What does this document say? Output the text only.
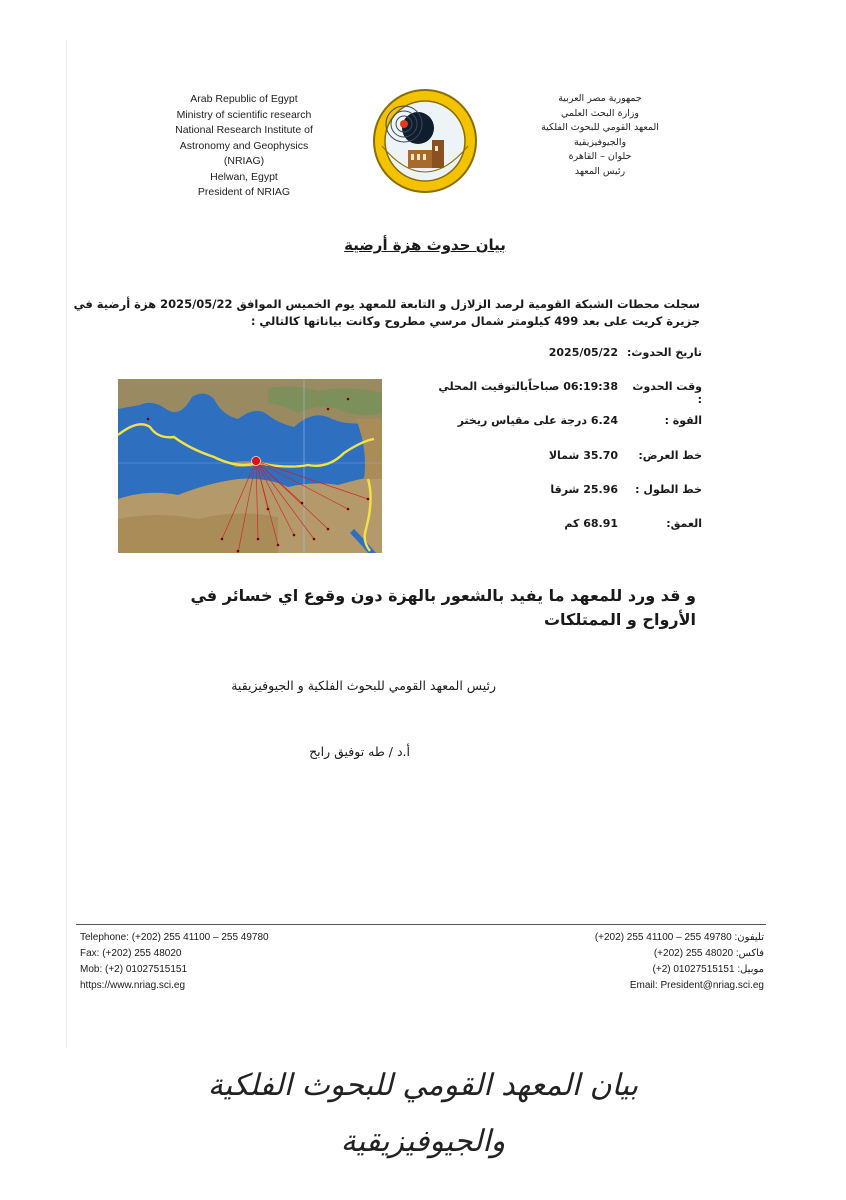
Arab Republic of Egypt
Ministry of scientific research
National Research Institute of
Astronomy and Geophysics
(NRIAG)
Helwan, Egypt
President of NRIAG
جمهورية مصر العربية
وزارة البحث العلمي
المعهد القومي للبحوث الفلكية
والجيوفيزيقية
حلوان – القاهرة
رئيس المعهد
بيان حدوث هزة أرضية
سجلت محطات الشبكة القومية لرصد الزلازل و التابعة للمعهد يوم الخميس الموافق 2025/05/22 هزة أرضية في
جزيرة كريت على بعد 499 كيلومتر شمال مرسي مطروح وكانت بياناتها كالتالي :
تاريخ الحدوث:
2025/05/22
وقت الحدوث :
06:19:38 صباحاًبالتوقيت المحلي
القوة :
6.24 درجة على مقياس ريختر
خط العرض:
35.70 شمالا
خط الطول :
25.96 شرقا
العمق:
68.91 كم
و قد ورد للمعهد ما يفيد بالشعور بالهزة دون وقوع اي خسائر في الأرواح و الممتلكات
رئيس المعهد القومي للبحوث الفلكية و الجيوفيزيقية
أ.د / طه توفيق رابح
Telephone: (+202) 255 41100 – 255 49780
Fax: (+202) 255 48020
Mob: (+2) 01027515151
https://www.nriag.sci.eg
تليفون: 49780 255 – 41100 255 (202+)
فاكس: 48020 255 (202+)
موبيل: 01027515151 (2+)
Email: President@nriag.sci.eg
بيان المعهد القومي للبحوث الفلكية
والجيوفيزيقية
